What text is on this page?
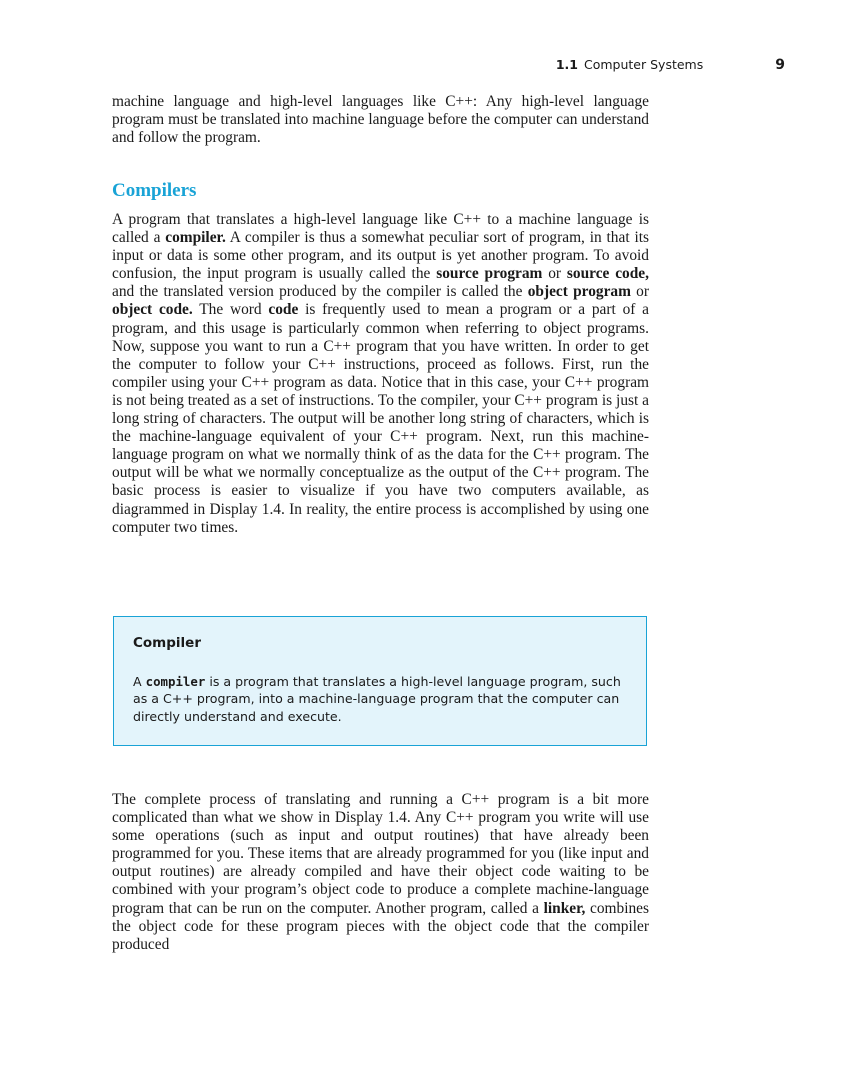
1.1 Computer Systems	9

machine language and high-level languages like C++: Any high-level language program must be translated into machine language before the computer can understand and follow the program.

Compilers

A program that translates a high-level language like C++ to a machine language is called a compiler. A compiler is thus a somewhat peculiar sort of program, in that its input or data is some other program, and its output is yet another program. To avoid confusion, the input program is usually called the source program or source code, and the translated version produced by the compiler is called the object program or object code. The word code is frequently used to mean a program or a part of a program, and this usage is particularly common when referring to object programs. Now, suppose you want to run a C++ program that you have written. In order to get the computer to follow your C++ instructions, proceed as follows. First, run the compiler using your C++ program as data. Notice that in this case, your C++ program is not being treated as a set of instructions. To the compiler, your C++ program is just a long string of characters. The output will be another long string of characters, which is the machine-language equivalent of your C++ program. Next, run this machine-language program on what we normally think of as the data for the C++ program. The output will be what we normally conceptualize as the output of the C++ program. The basic process is easier to visualize if you have two computers available, as diagrammed in Display 1.4. In reality, the entire process is accomplished by using one computer two times.

Compiler
A compiler is a program that translates a high-level language program, such as a C++ program, into a machine-language program that the computer can directly understand and execute.

The complete process of translating and running a C++ program is a bit more complicated than what we show in Display 1.4. Any C++ program you write will use some operations (such as input and output routines) that have already been programmed for you. These items that are already programmed for you (like input and output routines) are already compiled and have their object code waiting to be combined with your program’s object code to produce a complete machine-language program that can be run on the computer. Another program, called a linker, combines the object code for these program pieces with the object code that the compiler produced
